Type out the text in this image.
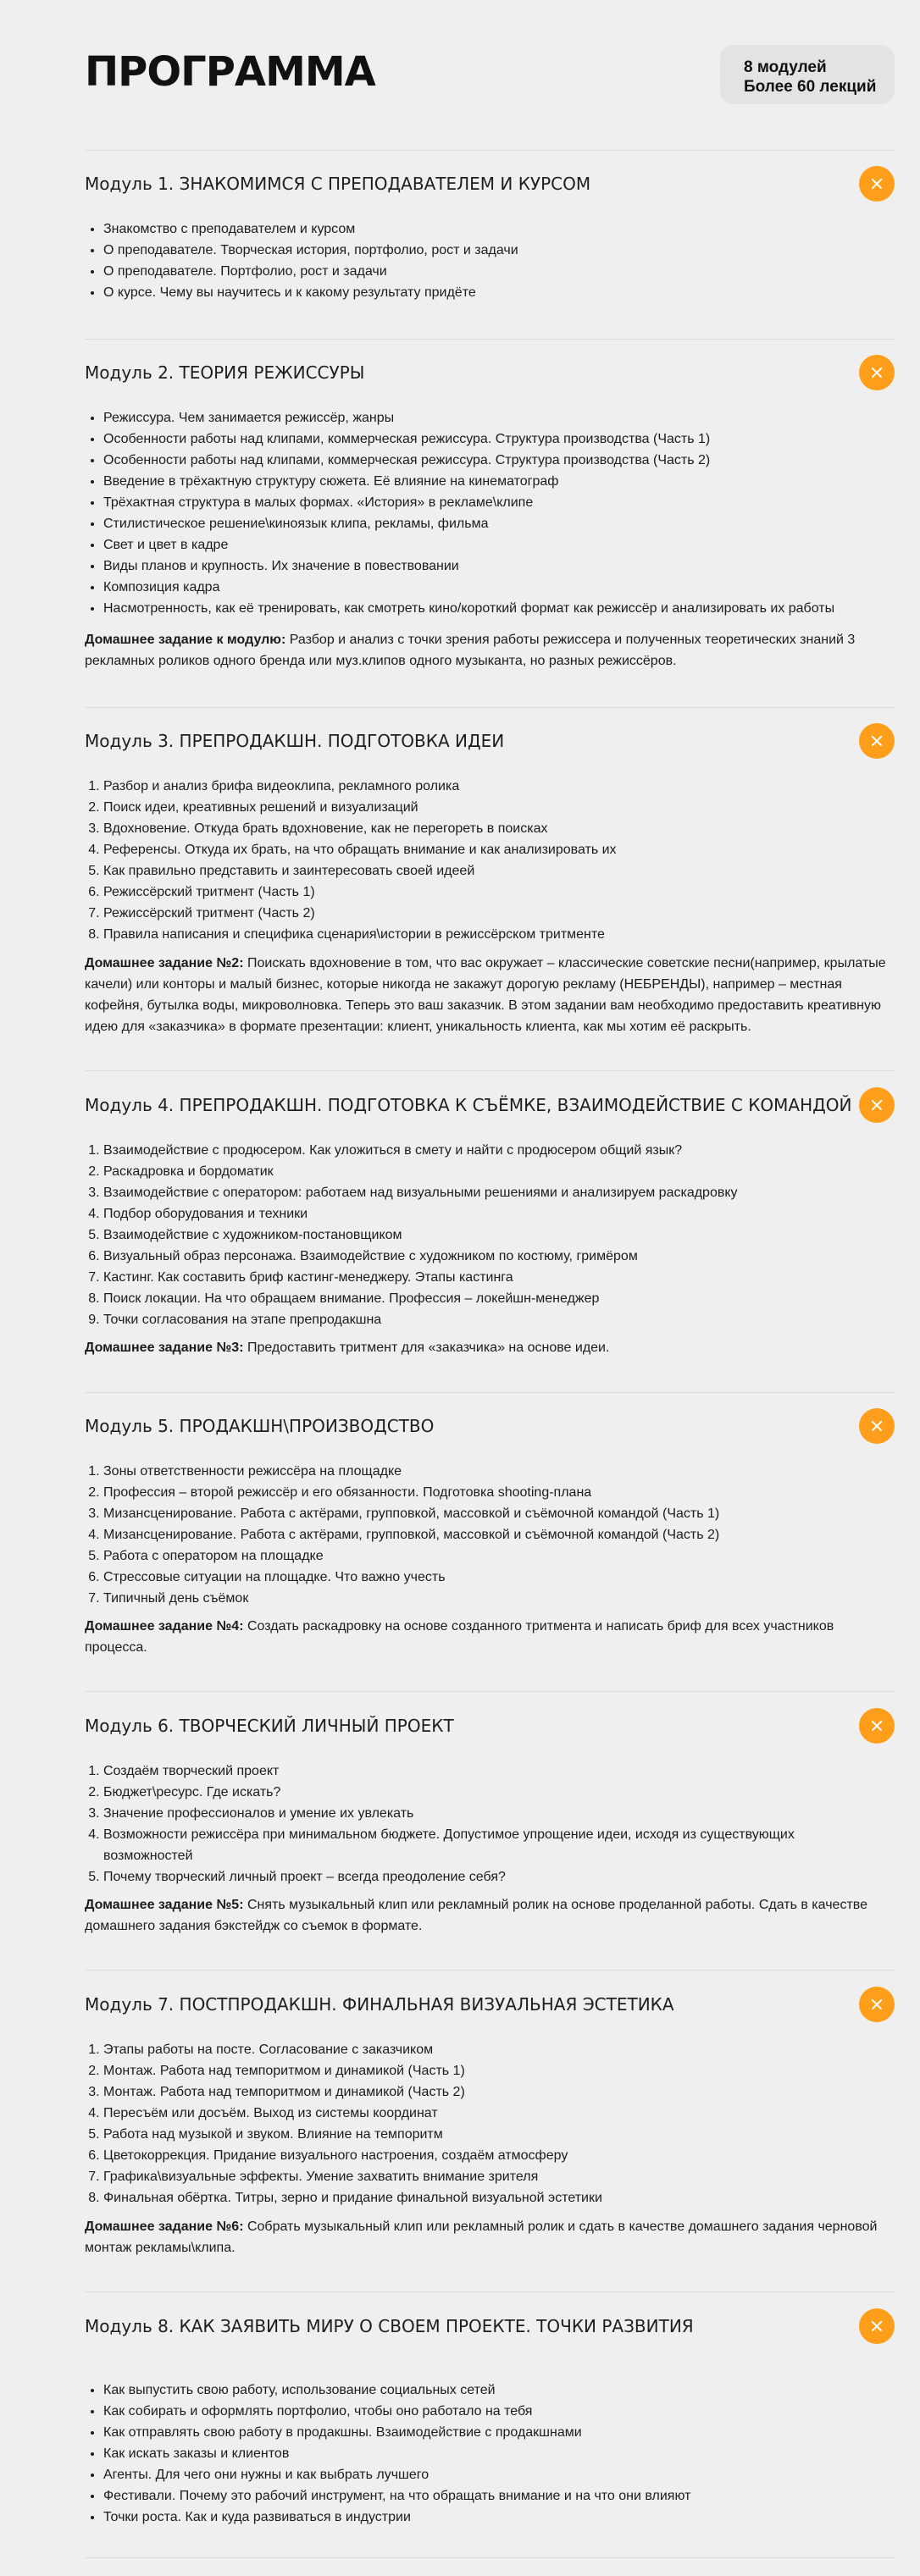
ПРОГРАММА	8 модулей
Более 60 лекций
Модуль 1. ЗНАКОМИМСЯ С ПРЕПОДАВАТЕЛЕМ И КУРСОМ
• Знакомство с преподавателем и курсом
• О преподавателе. Творческая история, портфолио, рост и задачи
• О преподавателе. Портфолио, рост и задачи
• О курсе. Чему вы научитесь и к какому результату придёте
Модуль 2. ТЕОРИЯ РЕЖИССУРЫ
• Режиссура. Чем занимается режиссёр, жанры
• Особенности работы над клипами, коммерческая режиссура. Структура производства (Часть 1)
• Особенности работы над клипами, коммерческая режиссура. Структура производства (Часть 2)
• Введение в трёхактную структуру сюжета. Её влияние на кинематограф
• Трёхактная структура в малых формах. «История» в рекламе\клипе
• Стилистическое решение\киноязык клипа, рекламы, фильма
• Свет и цвет в кадре
• Виды планов и крупность. Их значение в повествовании
• Композиция кадра
• Насмотренность, как её тренировать, как смотреть кино/короткий формат как режиссёр и анализировать их работы

Домашнее задание к модулю: Разбор и анализ с точки зрения работы режиссера и полученных теоретических знаний 3 рекламных роликов одного бренда или муз.клипов одного музыканта, но разных режиссёров.

Модуль 3. ПРЕПРОДАКШН. ПОДГОТОВКА ИДЕИ
1. Разбор и анализ брифа видеоклипа, рекламного ролика
2. Поиск идеи, креативных решений и визуализаций
3. Вдохновение. Откуда брать вдохновение, как не перегореть в поисках
4. Референсы. Откуда их брать, на что обращать внимание и как анализировать их
5. Как правильно представить и заинтересовать своей идеей
6. Режиссёрский тритмент (Часть 1)
7. Режиссёрский тритмент (Часть 2)
8. Правила написания и специфика сценария\истории в режиссёрском тритменте

Домашнее задание №2: Поискать вдохновение в том, что вас окружает – классические советские песни(например, крылатые качели) или конторы и малый бизнес, которые никогда не закажут дорогую рекламу (НЕБРЕНДЫ), например – местная кофейня, бутылка воды, микроволновка. Теперь это ваш заказчик. В этом задании вам необходимо предоставить креативную идею для «заказчика» в формате презентации: клиент, уникальность клиента, как мы хотим её раскрыть.

Модуль 4. ПРЕПРОДАКШН. ПОДГОТОВКА К СЪЁМКЕ, ВЗАИМОДЕЙСТВИЕ С КОМАНДОЙ
1. Взаимодействие с продюсером. Как уложиться в смету и найти с продюсером общий язык?
2. Раскадровка и бордоматик
3. Взаимодействие с оператором: работаем над визуальными решениями и анализируем раскадровку
4. Подбор оборудования и техники
5. Взаимодействие с художником-постановщиком
6. Визуальный образ персонажа. Взаимодействие с художником по костюму, гримёром
7. Кастинг. Как составить бриф кастинг-менеджеру. Этапы кастинга
8. Поиск локации. На что обращаем внимание. Профессия – локейшн-менеджер
9. Точки согласования на этапе препродакшна

Домашнее задание №3: Предоставить тритмент для «заказчика» на основе идеи.

Модуль 5. ПРОДАКШН\ПРОИЗВОДСТВО
1. Зоны ответственности режиссёра на площадке
2. Профессия – второй режиссёр и его обязанности. Подготовка shooting-плана
3. Мизансценирование. Работа с актёрами, групповкой, массовкой и съёмочной командой (Часть 1)
4. Мизансценирование. Работа с актёрами, групповкой, массовкой и съёмочной командой (Часть 2)
5. Работа с оператором на площадке
6. Стрессовые ситуации на площадке. Что важно учесть
7. Типичный день съёмок

Домашнее задание №4: Создать раскадровку на основе созданного тритмента и написать бриф для всех участников процесса.

Модуль 6. ТВОРЧЕСКИЙ ЛИЧНЫЙ ПРОЕКТ
1. Создаём творческий проект
2. Бюджет\ресурс. Где искать?
3. Значение профессионалов и умение их увлекать
4. Возможности режиссёра при минимальном бюджете. Допустимое упрощение идеи, исходя из существующих возможностей
5. Почему творческий личный проект – всегда преодоление себя?

Домашнее задание №5: Снять музыкальный клип или рекламный ролик на основе проделанной работы. Сдать в качестве домашнего задания бэкстейдж со съемок в формате.

Модуль 7. ПОСТПРОДАКШН. ФИНАЛЬНАЯ ВИЗУАЛЬНАЯ ЭСТЕТИКА
1. Этапы работы на посте. Согласование с заказчиком
2. Монтаж. Работа над темпоритмом и динамикой (Часть 1)
3. Монтаж. Работа над темпоритмом и динамикой (Часть 2)
4. Пересъём или досъём. Выход из системы координат
5. Работа над музыкой и звуком. Влияние на темпоритм
6. Цветокоррекция. Придание визуального настроения, создаём атмосферу
7. Графика\визуальные эффекты. Умение захватить внимание зрителя
8. Финальная обёртка. Титры, зерно и придание финальной визуальной эстетики

Домашнее задание №6: Собрать музыкальный клип или рекламный ролик и сдать в качестве домашнего задания черновой монтаж рекламы\клипа.

Модуль 8. КАК ЗАЯВИТЬ МИРУ О СВОЕМ ПРОЕКТЕ. ТОЧКИ РАЗВИТИЯ
• Как выпустить свою работу, использование социальных сетей
• Как собирать и оформлять портфолио, чтобы оно работало на тебя
• Как отправлять свою работу в продакшны. Взаимодействие с продакшнами
• Как искать заказы и клиентов
• Агенты. Для чего они нужны и как выбрать лучшего
• Фестивали. Почему это рабочий инструмент, на что обращать внимание и на что они влияют
• Точки роста. Как и куда развиваться в индустрии
